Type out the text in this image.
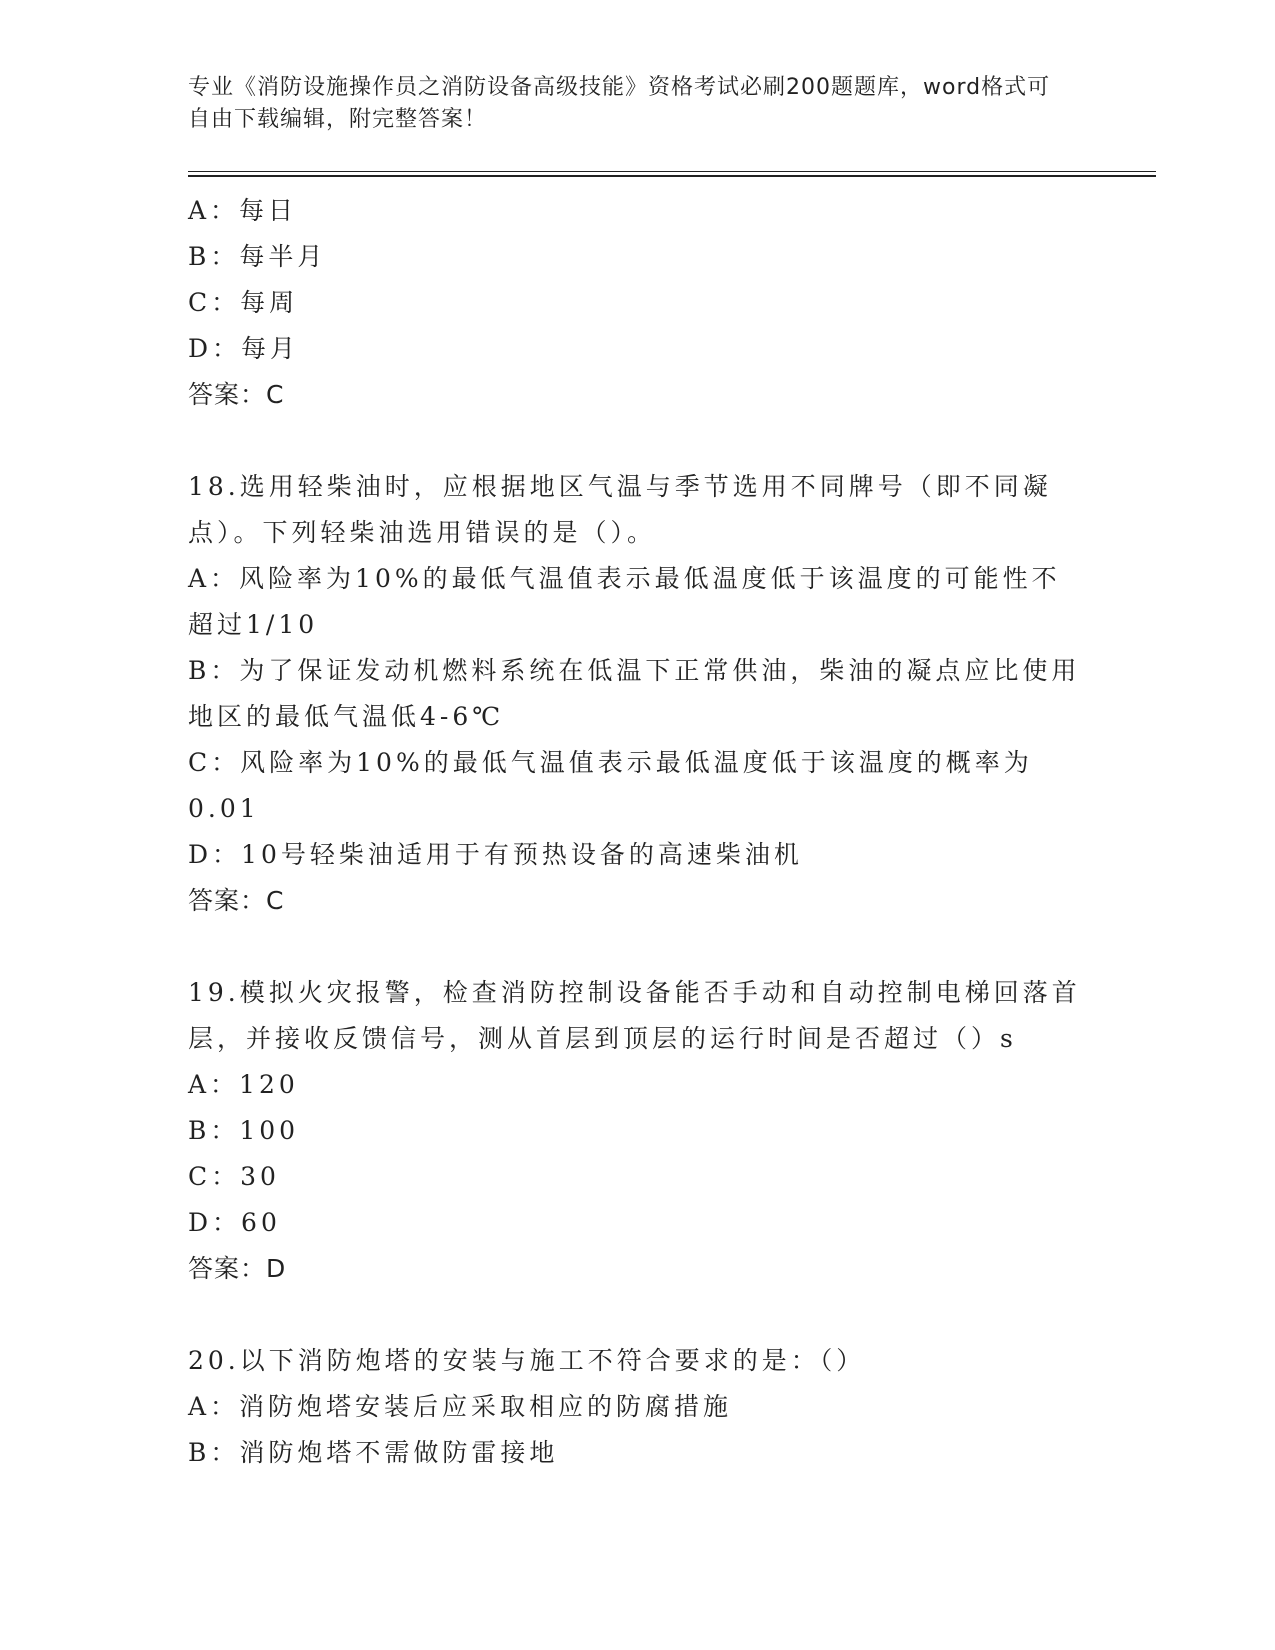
专业《消防设施操作员之消防设备高级技能》资格考试必刷200题题库，word格式可自由下载编辑，附完整答案！
A：每日
B：每半月
C：每周
D：每月
答案：C
18.选用轻柴油时，应根据地区气温与季节选用不同牌号（即不同凝点）。下列轻柴油选用错误的是（）。
A：风险率为10%的最低气温值表示最低温度低于该温度的可能性不超过1/10
B：为了保证发动机燃料系统在低温下正常供油，柴油的凝点应比使用地区的最低气温低4-6℃
C：风险率为10%的最低气温值表示最低温度低于该温度的概率为0.01
D：10号轻柴油适用于有预热设备的高速柴油机
答案：C
19.模拟火灾报警，检查消防控制设备能否手动和自动控制电梯回落首层，并接收反馈信号，测从首层到顶层的运行时间是否超过（）s
A：120
B：100
C：30
D：60
答案：D
20.以下消防炮塔的安装与施工不符合要求的是：（）
A：消防炮塔安装后应采取相应的防腐措施
B：消防炮塔不需做防雷接地
